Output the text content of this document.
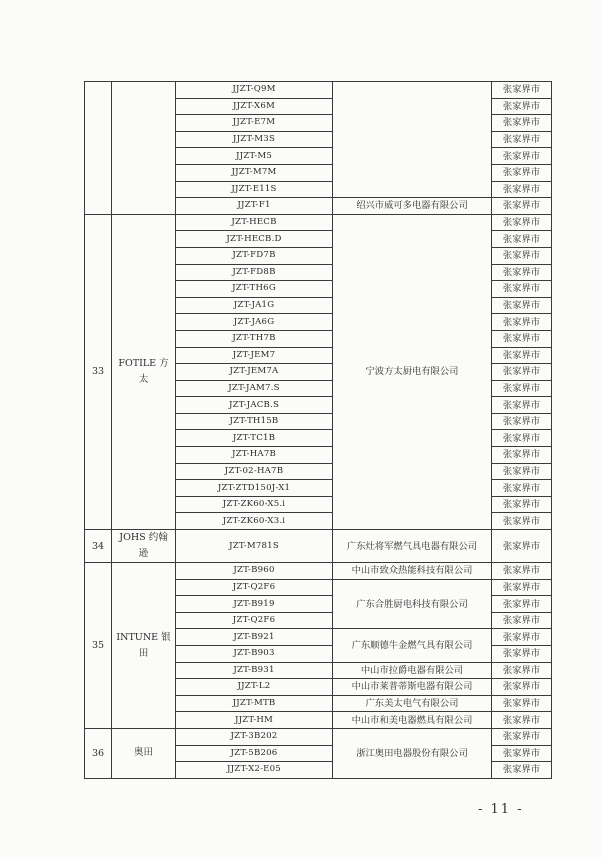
		JJZT-Q9M		张家界市
		JJZT-X6M		张家界市
		JJZT-E7M		张家界市
		JJZT-M3S		张家界市
		JJZT-M5		张家界市
		JJZT-M7M		张家界市
		JJZT-E11S		张家界市
		JJZT-F1	绍兴市威可多电器有限公司	张家界市
33	FOTILE 方太	JZT-HECB	宁波方太厨电有限公司	张家界市
		JZT-HECB.D		张家界市
		JZT-FD7B		张家界市
		JZT-FD8B		张家界市
		JZT-TH6G		张家界市
		JZT-JA1G		张家界市
		JZT-JA6G		张家界市
		JZT-TH7B		张家界市
		JZT-JEM7		张家界市
		JZT-JEM7A		张家界市
		JZT-JAM7.S		张家界市
		JZT-JACB.S		张家界市
		JZT-TH15B		张家界市
		JZT-TC1B		张家界市
		JZT-HA7B		张家界市
		JZT-02-HA7B		张家界市
		JZT-ZTD150J-X1		张家界市
		JZT-ZK60-X5.i		张家界市
		JZT-ZK60-X3.i		张家界市
34	JOHS 约翰逊	JZT-M781S	广东灶将军燃气具电器有限公司	张家界市
35	INTUNE 银田	JZT-B960	中山市致众热能科技有限公司	张家界市
		JZT-Q2F6	广东合胜厨电科技有限公司	张家界市
		JZT-B919		张家界市
		JZT-Q2F6		张家界市
		JZT-B921	广东顺德牛金燃气具有限公司	张家界市
		JZT-B903		张家界市
		JZT-B931	中山市拉爵电器有限公司	张家界市
		JJZT-L2	中山市莱普蒂斯电器有限公司	张家界市
		JJZT-MTB	广东美太电气有限公司	张家界市
		JJZT-HM	中山市和美电器燃具有限公司	张家界市
36	奥田	JZT-3B202	浙江奥田电器股份有限公司	张家界市
		JZT-5B206		张家界市
		JJZT-X2-E05		张家界市
- 11 -
